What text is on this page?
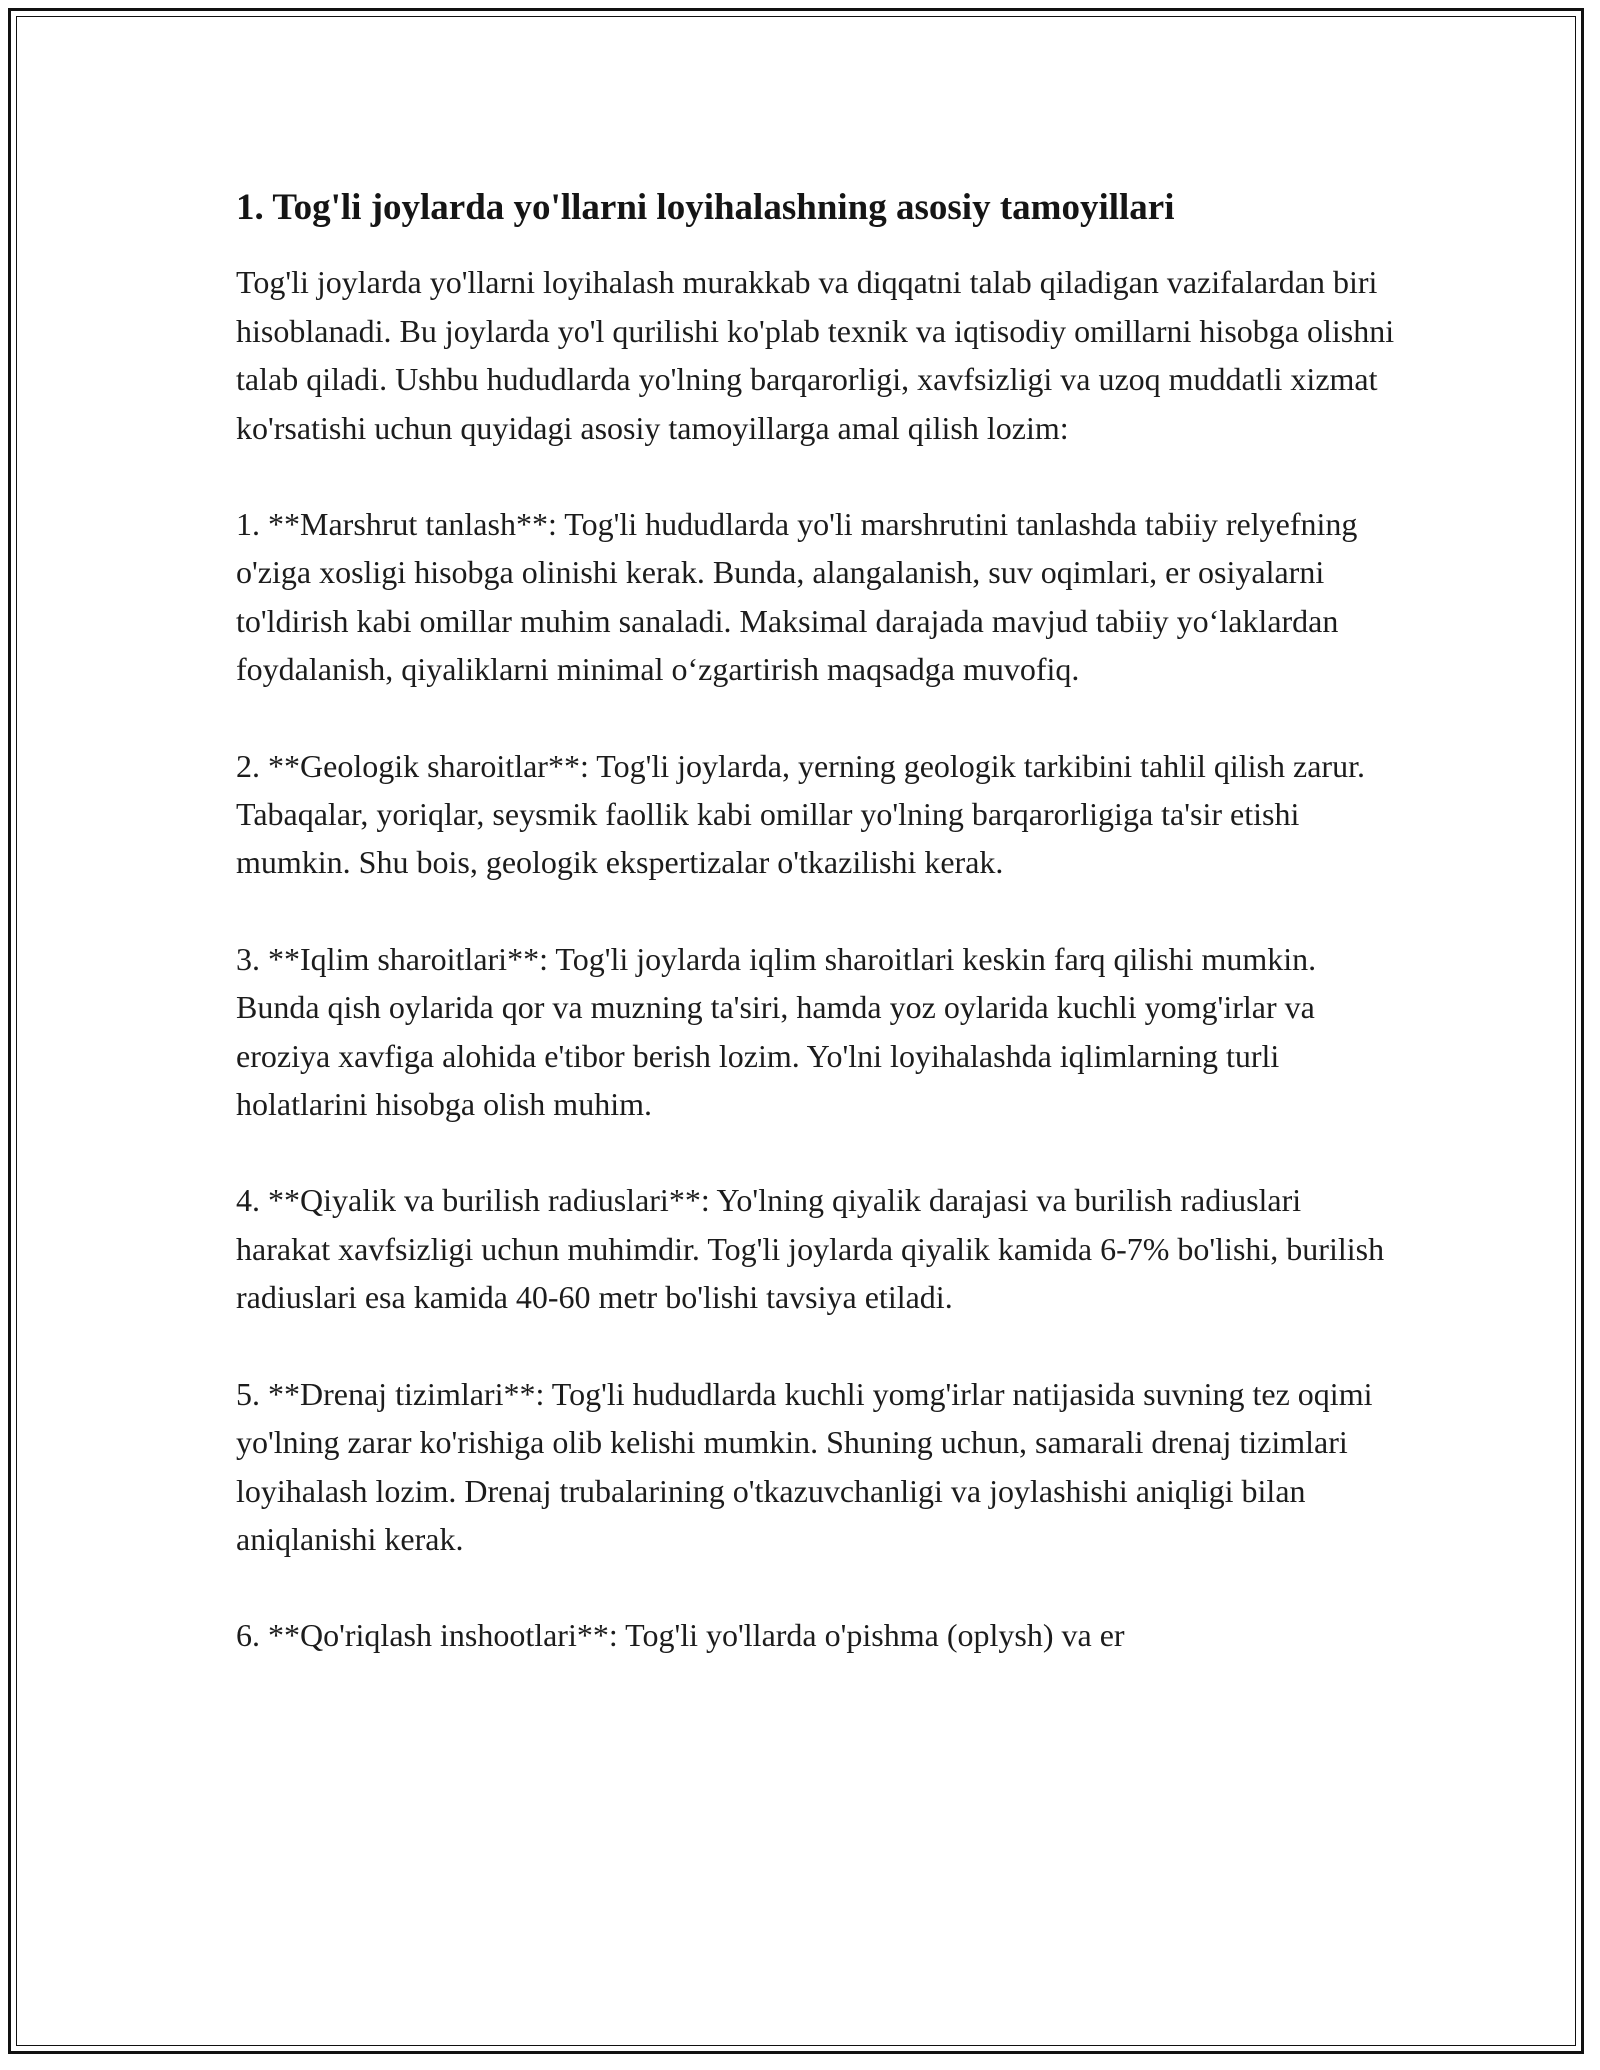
1. Tog'li joylarda yo'llarni loyihalashning asosiy tamoyillari

Tog'li joylarda yo'llarni loyihalash murakkab va diqqatni talab qiladigan vazifalardan biri hisoblanadi. Bu joylarda yo'l qurilishi ko'plab texnik va iqtisodiy omillarni hisobga olishni talab qiladi. Ushbu hududlarda yo'lning barqarorligi, xavfsizligi va uzoq muddatli xizmat ko'rsatishi uchun quyidagi asosiy tamoyillarga amal qilish lozim:

1. **Marshrut tanlash**: Tog'li hududlarda yo'li marshrutini tanlashda tabiiy relyefning o'ziga xosligi hisobga olinishi kerak. Bunda, alangalanish, suv oqimlari, er osiyalarni to'ldirish kabi omillar muhim sanaladi. Maksimal darajada mavjud tabiiy yo‘laklardan foydalanish, qiyaliklarni minimal o‘zgartirish maqsadga muvofiq.

2. **Geologik sharoitlar**: Tog'li joylarda, yerning geologik tarkibini tahlil qilish zarur. Tabaqalar, yoriqlar, seysmik faollik kabi omillar yo'lning barqarorligiga ta'sir etishi mumkin. Shu bois, geologik ekspertizalar o'tkazilishi kerak.

3. **Iqlim sharoitlari**: Tog'li joylarda iqlim sharoitlari keskin farq qilishi mumkin. Bunda qish oylarida qor va muzning ta'siri, hamda yoz oylarida kuchli yomg'irlar va eroziya xavfiga alohida e'tibor berish lozim. Yo'lni loyihalashda iqlimlarning turli holatlarini hisobga olish muhim.

4. **Qiyalik va burilish radiuslari**: Yo'lning qiyalik darajasi va burilish radiuslari harakat xavfsizligi uchun muhimdir. Tog'li joylarda qiyalik kamida 6-7% bo'lishi, burilish radiuslari esa kamida 40-60 metr bo'lishi tavsiya etiladi.

5. **Drenaj tizimlari**: Tog'li hududlarda kuchli yomg'irlar natijasida suvning tez oqimi yo'lning zarar ko'rishiga olib kelishi mumkin. Shuning uchun, samarali drenaj tizimlari loyihalash lozim. Drenaj trubalarining o'tkazuvchanligi va joylashishi aniqligi bilan aniqlanishi kerak.

6. **Qo'riqlash inshootlari**: Tog'li yo'llarda o'pishma (oplysh) va er
